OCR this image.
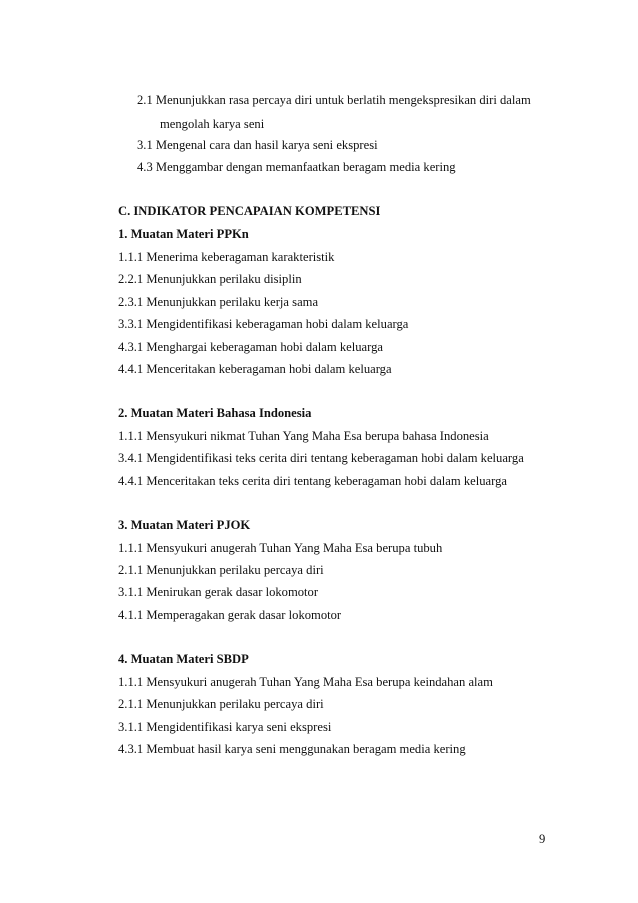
2.1 Menunjukkan rasa percaya diri untuk berlatih mengekspresikan diri dalam
mengolah karya seni
3.1 Mengenal cara dan hasil karya seni ekspresi
4.3 Menggambar dengan memanfaatkan beragam media kering
C. INDIKATOR PENCAPAIAN KOMPETENSI
1. Muatan Materi PPKn
1.1.1 Menerima keberagaman karakteristik
2.2.1 Menunjukkan perilaku disiplin
2.3.1 Menunjukkan perilaku kerja sama
3.3.1 Mengidentifikasi keberagaman hobi dalam keluarga
4.3.1 Menghargai keberagaman hobi dalam keluarga
4.4.1 Menceritakan keberagaman hobi dalam keluarga
2. Muatan Materi Bahasa Indonesia
1.1.1 Mensyukuri nikmat Tuhan Yang Maha Esa berupa bahasa Indonesia
3.4.1 Mengidentifikasi teks cerita diri tentang keberagaman hobi dalam keluarga
4.4.1 Menceritakan teks cerita diri tentang keberagaman hobi dalam keluarga
3. Muatan Materi PJOK
1.1.1 Mensyukuri anugerah Tuhan Yang Maha Esa berupa tubuh
2.1.1 Menunjukkan perilaku percaya diri
3.1.1 Menirukan gerak dasar lokomotor
4.1.1 Memperagakan gerak dasar lokomotor
4. Muatan Materi SBDP
1.1.1 Mensyukuri anugerah Tuhan Yang Maha Esa berupa keindahan alam
2.1.1 Menunjukkan perilaku percaya diri
3.1.1 Mengidentifikasi karya seni ekspresi
4.3.1 Membuat hasil karya seni menggunakan beragam media kering
9
